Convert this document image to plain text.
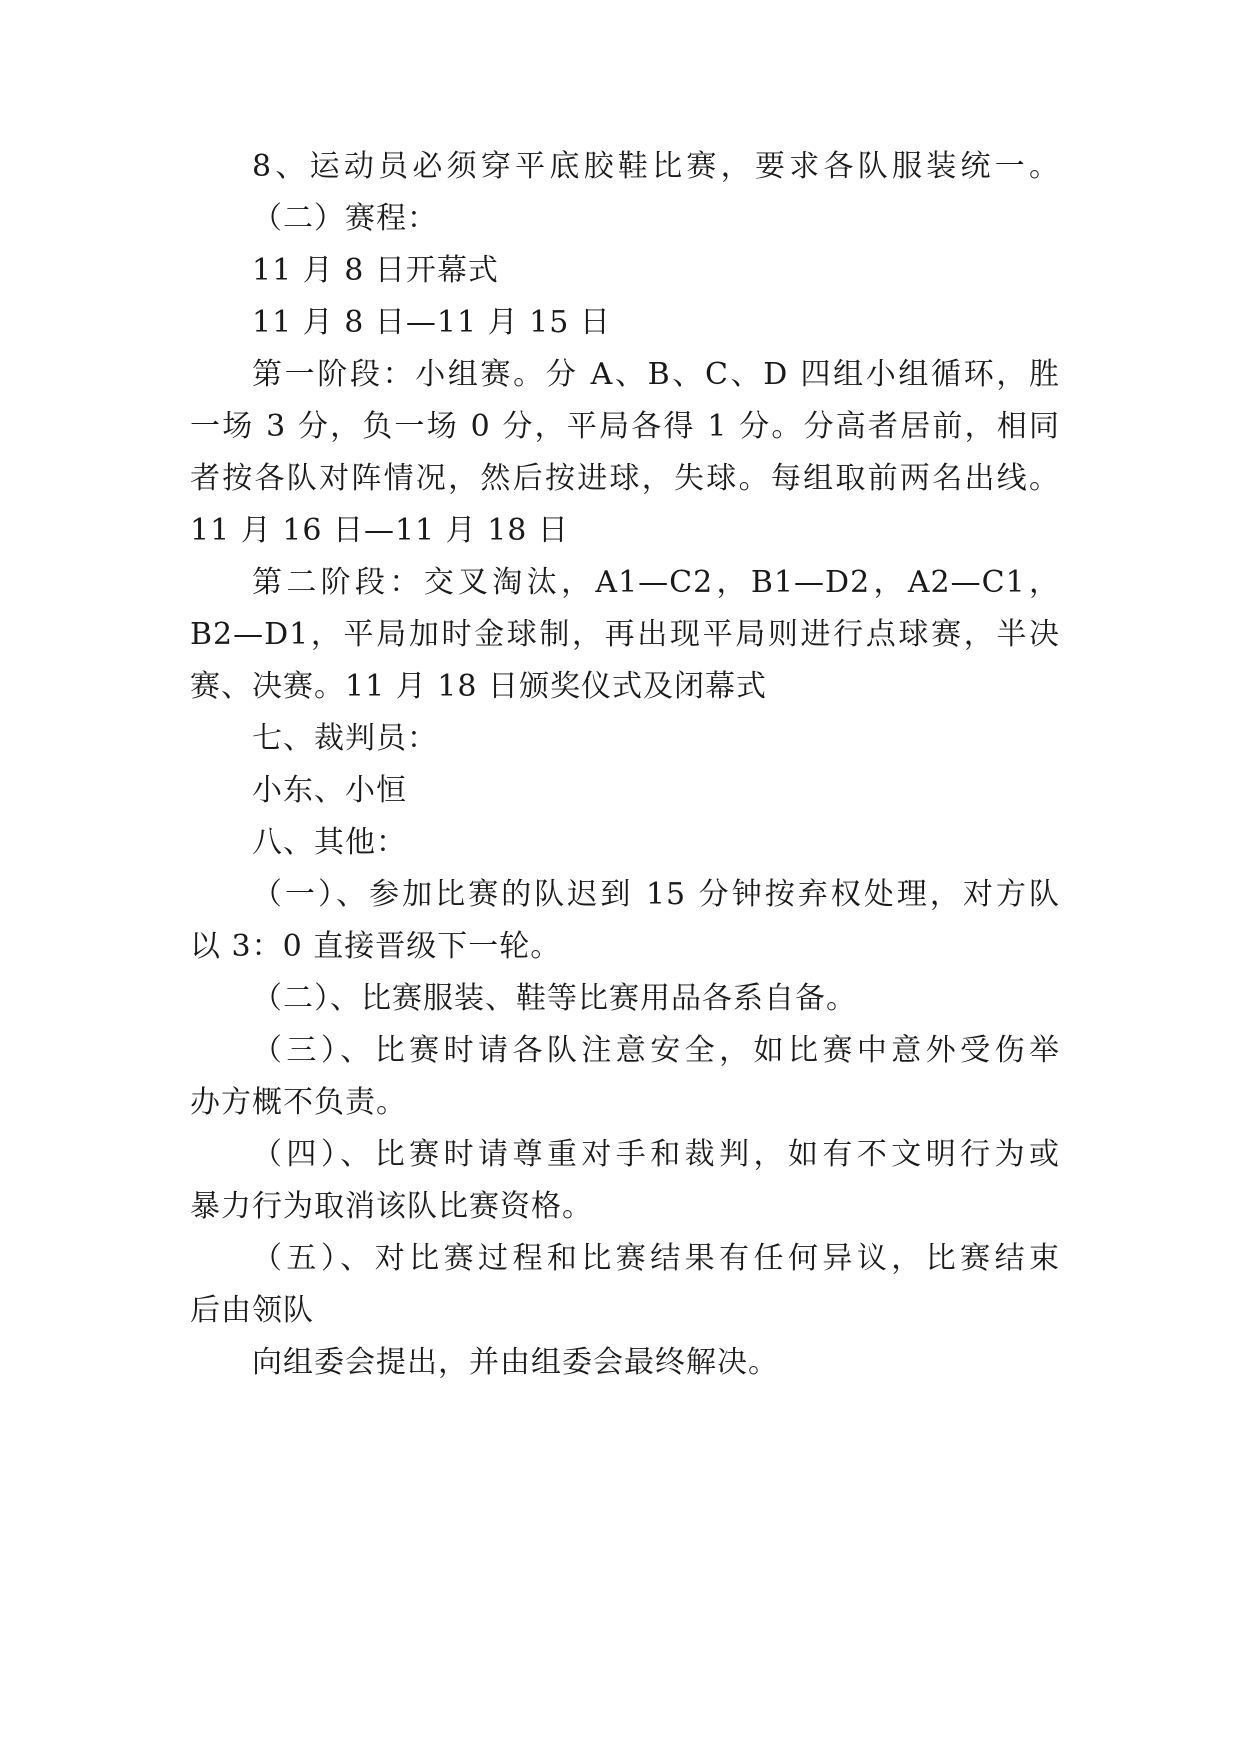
8、运动员必须穿平底胶鞋比赛，要求各队服装统一。
（二）赛程：
11 月 8 日开幕式
11 月 8 日—11 月 15 日
第一阶段：小组赛。分 A、B、C、D 四组小组循环，胜
一场 3 分，负一场 0 分，平局各得 1 分。分高者居前，相同
者按各队对阵情况，然后按进球，失球。每组取前两名出线。
11 月 16 日—11 月 18 日
第二阶段：交叉淘汰，A1—C2，B1—D2，A2—C1，
B2—D1，平局加时金球制，再出现平局则进行点球赛，半决
赛、决赛。11 月 18 日颁奖仪式及闭幕式
七、裁判员：
小东、小恒
八、其他：
（一）、参加比赛的队迟到 15 分钟按弃权处理，对方队
以 3：0 直接晋级下一轮。
（二）、比赛服装、鞋等比赛用品各系自备。
（三）、比赛时请各队注意安全，如比赛中意外受伤举
办方概不负责。
（四）、比赛时请尊重对手和裁判，如有不文明行为或
暴力行为取消该队比赛资格。
（五）、对比赛过程和比赛结果有任何异议，比赛结束
后由领队
向组委会提出，并由组委会最终解决。
